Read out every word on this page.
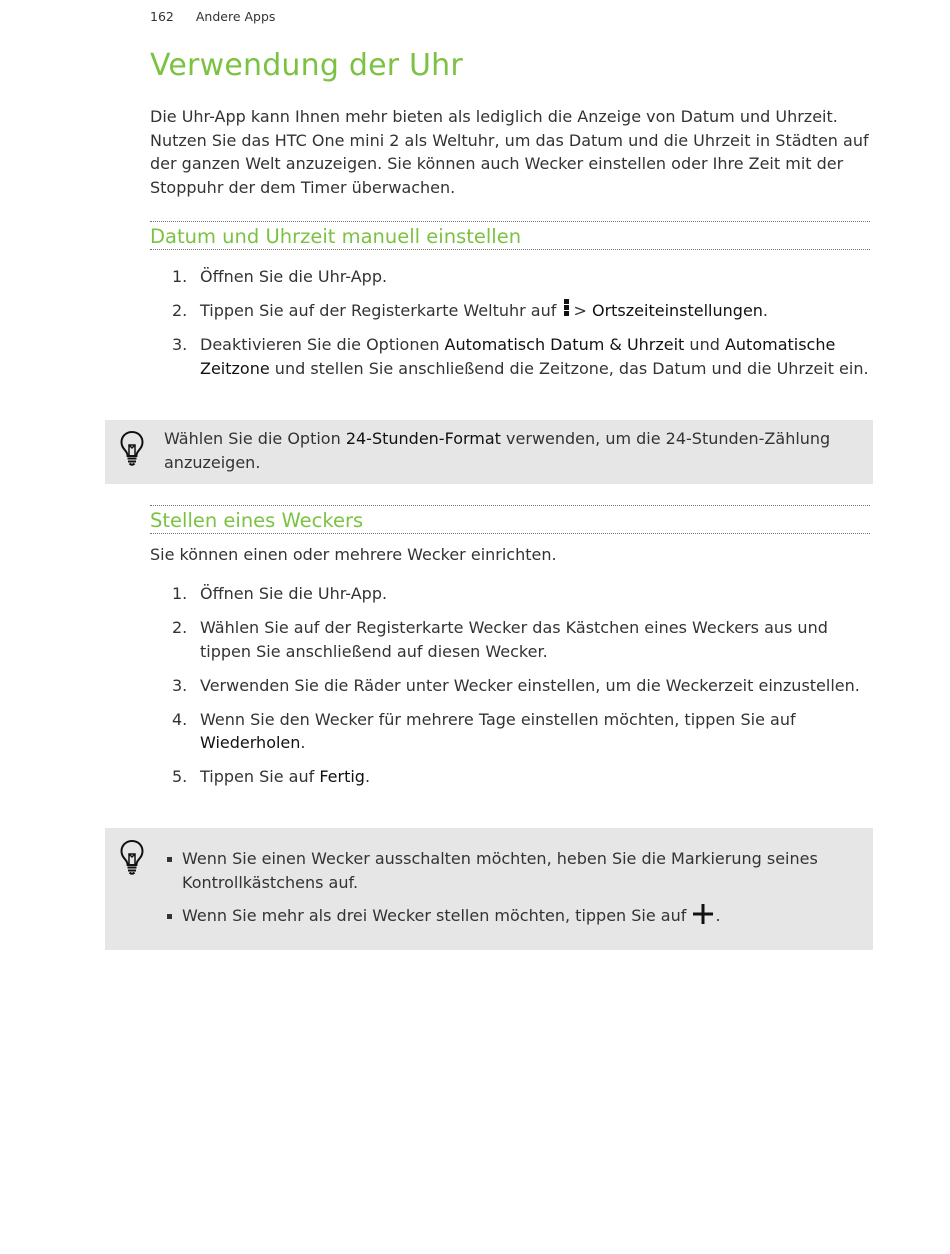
162 Andere Apps
Verwendung der Uhr

Die Uhr-App kann Ihnen mehr bieten als lediglich die Anzeige von Datum und Uhrzeit. Nutzen Sie das HTC One mini 2 als Weltuhr, um das Datum und die Uhrzeit in Städten auf der ganzen Welt anzuzeigen. Sie können auch Wecker einstellen oder Ihre Zeit mit der Stoppuhr der dem Timer überwachen.

Datum und Uhrzeit manuell einstellen
1. Öffnen Sie die Uhr-App.
2. Tippen Sie auf der Registerkarte Weltuhr auf > Ortszeiteinstellungen.
3. Deaktivieren Sie die Optionen Automatisch Datum & Uhrzeit und Automatische Zeitzone und stellen Sie anschließend die Zeitzone, das Datum und die Uhrzeit ein.

Wählen Sie die Option 24-Stunden-Format verwenden, um die 24-Stunden-Zählung anzuzeigen.

Stellen eines Weckers

Sie können einen oder mehrere Wecker einrichten.

1. Öffnen Sie die Uhr-App.
2. Wählen Sie auf der Registerkarte Wecker das Kästchen eines Weckers aus und tippen Sie anschließend auf diesen Wecker.
3. Verwenden Sie die Räder unter Wecker einstellen, um die Weckerzeit einzustellen.
4. Wenn Sie den Wecker für mehrere Tage einstellen möchten, tippen Sie auf Wiederholen.
5. Tippen Sie auf Fertig.
Wenn Sie einen Wecker ausschalten möchten, heben Sie die Markierung seines Kontrollkästchens auf.
Wenn Sie mehr als drei Wecker stellen möchten, tippen Sie auf .
